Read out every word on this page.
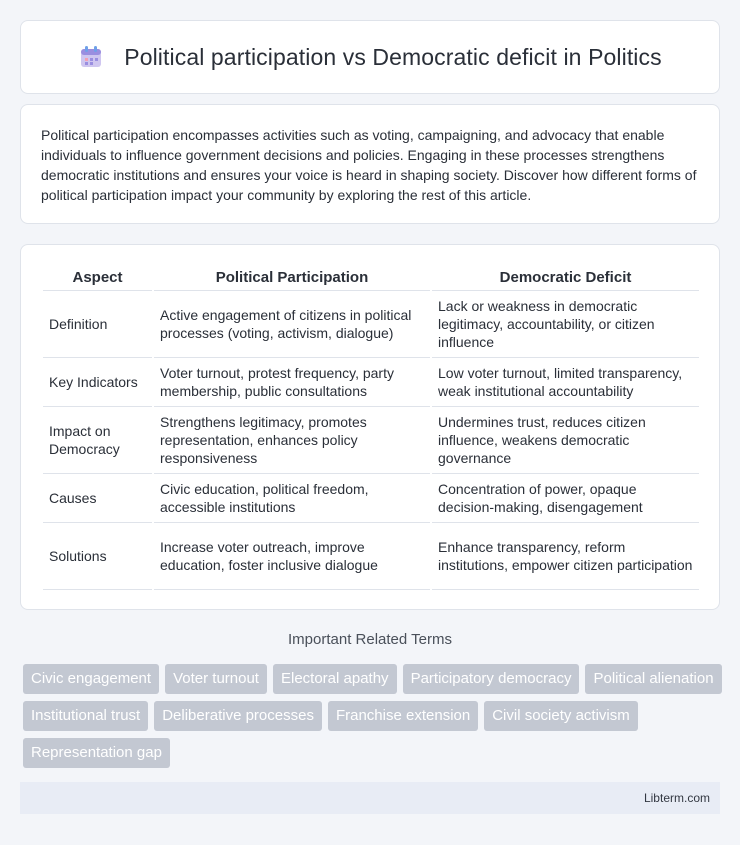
Political participation vs Democratic deficit in Politics

Political participation encompasses activities such as voting, campaigning, and advocacy that enable individuals to influence government decisions and policies. Engaging in these processes strengthens democratic institutions and ensures your voice is heard in shaping society. Discover how different forms of political participation impact your community by exploring the rest of this article.

Aspect	Political Participation	Democratic Deficit
Definition	Active engagement of citizens in political processes (voting, activism, dialogue)	Lack or weakness in democratic legitimacy, accountability, or citizen influence
Key Indicators	Voter turnout, protest frequency, party membership, public consultations	Low voter turnout, limited transparency, weak institutional accountability
Impact on Democracy	Strengthens legitimacy, promotes representation, enhances policy responsiveness	Undermines trust, reduces citizen influence, weakens democratic governance
Causes	Civic education, political freedom, accessible institutions	Concentration of power, opaque decision-making, disengagement
Solutions	Increase voter outreach, improve education, foster inclusive dialogue	Enhance transparency, reform institutions, empower citizen participation
Important Related Terms
Civic engagement	Voter turnout	Electoral apathy	Participatory democracy	Political alienation
Institutional trust	Deliberative processes	Franchise extension	Civil society activism
Representation gap
Libterm.com
